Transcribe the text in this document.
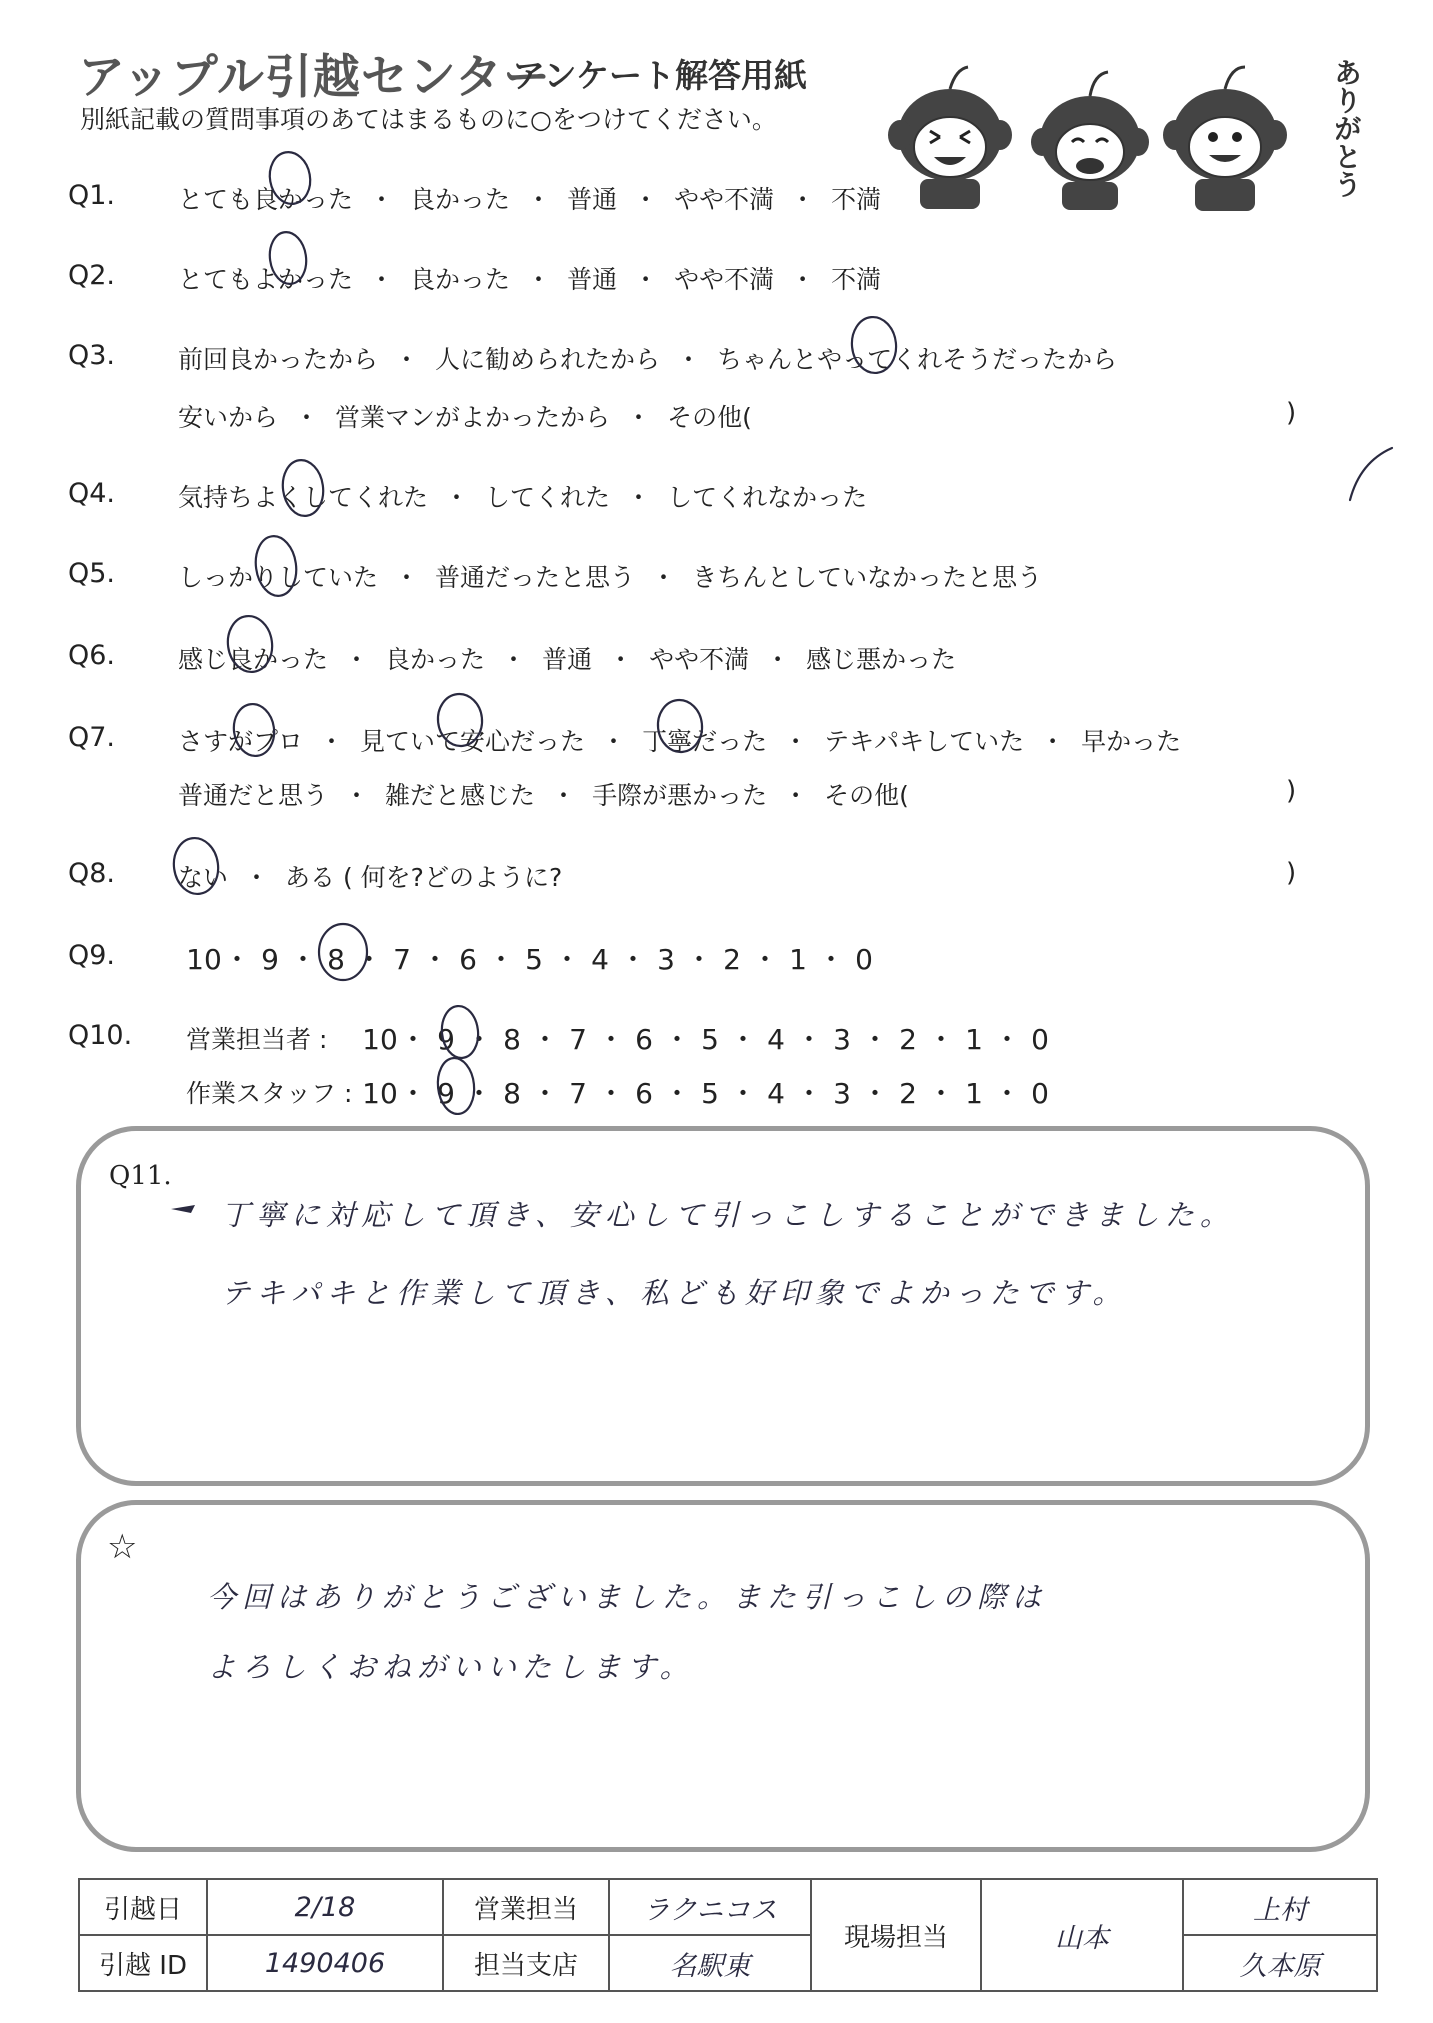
アップル引越センター
アンケート解答用紙
別紙記載の質問事項のあてはまるものに○をつけてください。	ありがとう
Q1.	とても良かった ・ 良かった ・ 普通 ・ やや不満 ・ 不満
Q2.	とてもよかった ・ 良かった ・ 普通 ・ やや不満 ・ 不満
Q3.	前回良かったから ・ 人に勧められたから ・ ちゃんとやってくれそうだったから
安いから ・ 営業マンがよかったから ・ その他(	)
Q4.	気持ちよくしてくれた ・ してくれた ・ してくれなかった
Q5.	しっかりしていた ・ 普通だったと思う ・ きちんとしていなかったと思う
Q6.	感じ良かった ・ 良かった ・ 普通 ・ やや不満 ・ 感じ悪かった
Q7.	さすがプロ ・ 見ていて安心だった ・ 丁寧だった ・ テキパキしていた ・ 早かった
普通だと思う ・ 雑だと感じた ・ 手際が悪かった ・ その他(	)
Q8.	ない ・ ある ( 何を?どのように?	)
Q9.	10・ 9 ・ 8 ・ 7 ・ 6 ・ 5 ・ 4 ・ 3 ・ 2 ・ 1 ・ 0
Q10. 営業担当者 : 10・ 9 ・ 8 ・ 7 ・ 6 ・ 5 ・ 4 ・ 3 ・ 2 ・ 1 ・ 0
作業スタッフ : 10・ 9 ・ 8 ・ 7 ・ 6 ・ 5 ・ 4 ・ 3 ・ 2 ・ 1 ・ 0
Q11.
丁寧に対応して頂き、安心して引っこしすることができました。
テキパキと作業して頂き、私ども好印象でよかったです。
☆
今回はありがとうございました。また引っこしの際は
よろしくおねがいいたします。
引越日	2/18	営業担当	ラクニコス	現場担当	山本	上村
引越 ID	1490406	担当支店	名駅東			久本原
